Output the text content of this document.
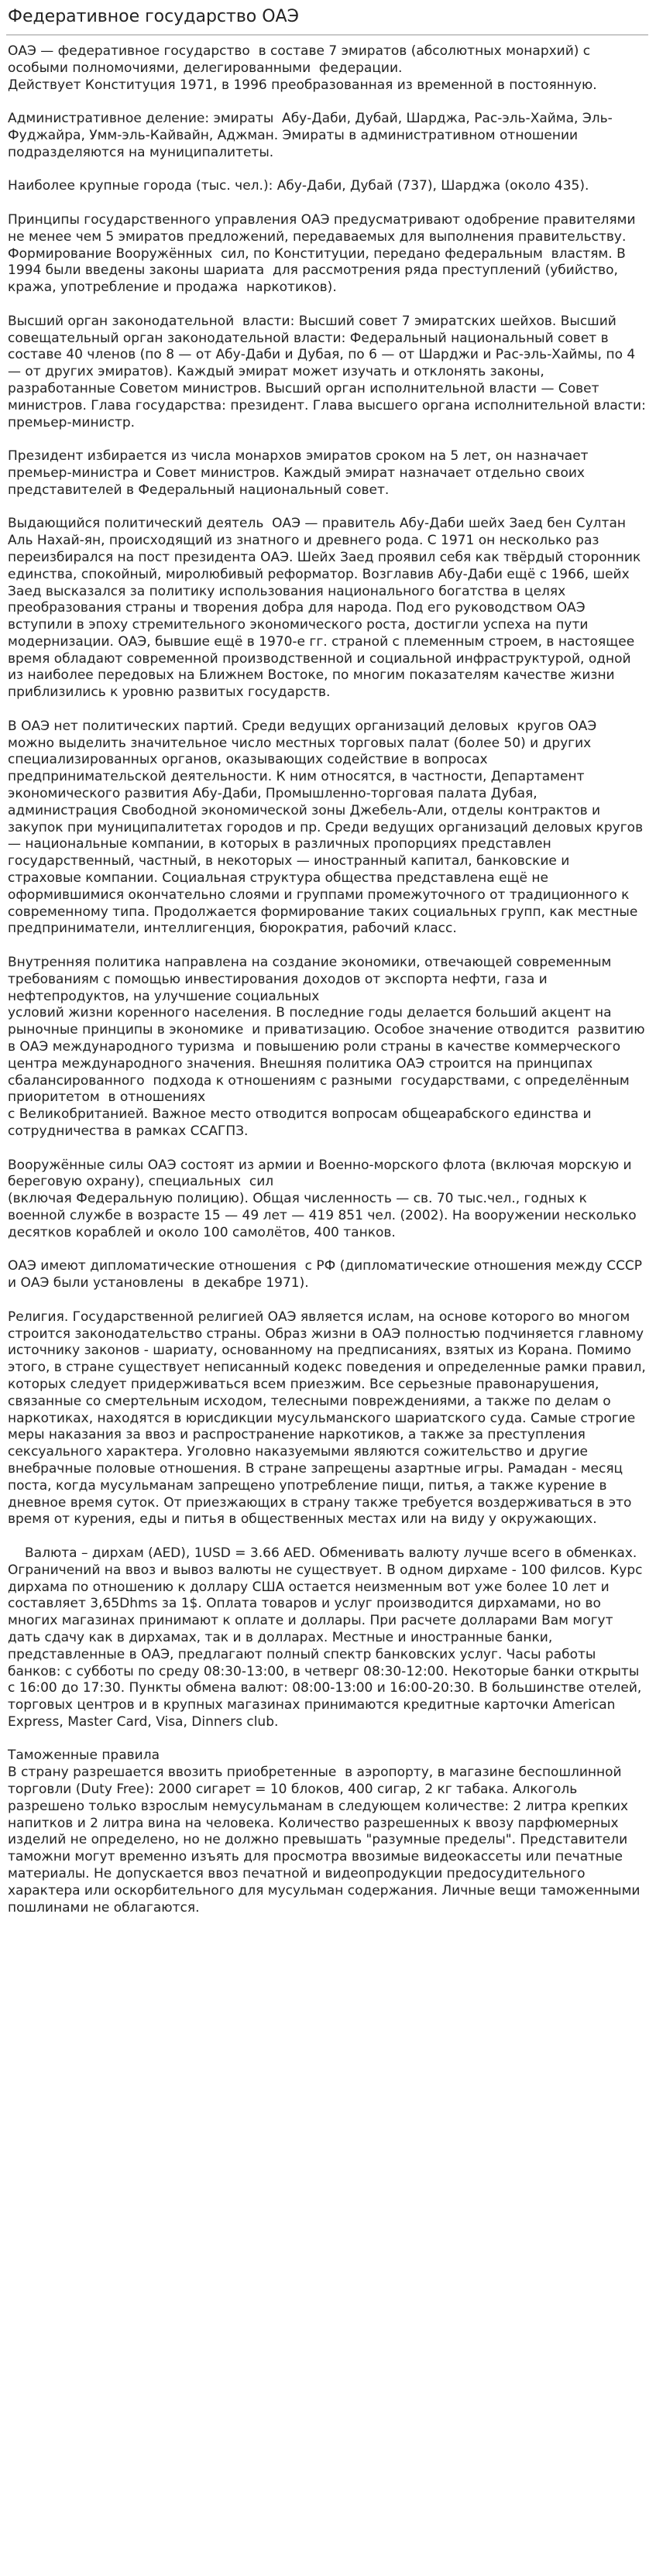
Федеративное государство ОАЭ

ОАЭ — федеративное государство  в составе 7 эмиратов (абсолютных монархий) с особыми полномочиями, делегированными  федерации.
Действует Конституция 1971, в 1996 преобразованная из временной в постоянную.

Административное деление: эмираты  Абу-Даби, Дубай, Шарджа, Рас-эль-Хайма, Эль-Фуджайра, Умм-эль-Кайвайн, Аджман. Эмираты в административном отношении подразделяются на муниципалитеты.

Наиболее крупные города (тыс. чел.): Абу-Даби, Дубай (737), Шарджа (около 435).

Принципы государственного управления ОАЭ предусматривают одобрение правителями не менее чем 5 эмиратов предложений, передаваемых для выполнения правительству. Формирование Вооружённых  сил, по Конституции, передано федеральным  властям. В 1994 были введены законы шариата  для рассмотрения ряда преступлений (убийство, кража, употребление и продажа  наркотиков).

Высший орган законодательной  власти: Высший совет 7 эмиратских шейхов. Высший совещательный орган законодательной власти: Федеральный национальный совет в составе 40 членов (по 8 — от Абу-Даби и Дубая, по 6 — от Шарджи и Рас-эль-Хаймы, по 4 — от других эмиратов). Каждый эмират может изучать и отклонять законы, разработанные Советом министров. Высший орган исполнительной власти — Совет министров. Глава государства: президент. Глава высшего органа исполнительной власти: премьер-министр.

Президент избирается из числа монархов эмиратов сроком на 5 лет, он назначает  премьер-министра и Совет министров. Каждый эмират назначает отдельно своих  представителей в Федеральный национальный совет.

Выдающийся политический деятель  ОАЭ — правитель Абу-Даби шейх Заед бен Султан Аль Нахай-ян, происходящий из знатного и древнего рода. С 1971 он несколько раз переизбирался на пост президента ОАЭ. Шейх Заед проявил себя как твёрдый сторонник единства, спокойный, миролюбивый реформатор. Возглавив Абу-Даби ещё с 1966, шейх Заед высказался за политику использования национального богатства в целях преобразования страны и творения добра для народа. Под его руководством ОАЭ вступили в эпоху стремительного экономического роста, достигли успеха на пути модернизации. ОАЭ, бывшие ещё в 1970-е гг. страной с племенным строем, в настоящее время обладают современной производственной и социальной инфраструктурой, одной из наиболее передовых на Ближнем Востоке, по многим показателям качестве жизни приблизились к уровню развитых государств.

В ОАЭ нет политических партий. Среди ведущих организаций деловых  кругов ОАЭ можно выделить значительное число местных торговых палат (более 50) и других специализированных органов, оказывающих содействие в вопросах предпринимательской деятельности. К ним относятся, в частности, Департамент экономического развития Абу-Даби, Промышленно-торговая палата Дубая, администрация Свободной экономической зоны Джебель-Али, отделы контрактов и закупок при муниципалитетах городов и пр. Среди ведущих организаций деловых кругов — национальные компании, в которых в различных пропорциях представлен государственный, частный, в некоторых — иностранный капитал, банковские и страховые компании. Социальная структура общества представлена ещё не оформившимися окончательно слоями и группами промежуточного от традиционного к современному типа. Продолжается формирование таких социальных групп, как местные предприниматели, интеллигенция, бюрократия, рабочий класс.

Внутренняя политика направлена на создание экономики, отвечающей современным  требованиям с помощью инвестирования доходов от экспорта нефти, газа и  нефтепродуктов, на улучшение социальных
условий жизни коренного населения. В последние годы делается больший акцент на рыночные принципы в экономике  и приватизацию. Особое значение отводится  развитию в ОАЭ международного туризма  и повышению роли страны в качестве коммерческого центра международного значения. Внешняя политика ОАЭ строится на принципах сбалансированного  подхода к отношениям с разными  государствами, с определённым приоритетом  в отношениях
с Великобританией. Важное место отводится вопросам общеарабского единства и сотрудничества в рамках ССАГПЗ.

Вооружённые силы ОАЭ состоят из армии и Военно-морского флота (включая морскую и береговую охрану), специальных  сил
(включая Федеральную полицию). Общая численность — св. 70 тыс.чел., годных к военной службе в возрасте 15 — 49 лет — 419 851 чел. (2002). На вооружении несколько десятков кораблей и около 100 самолётов, 400 танков.

ОАЭ имеют дипломатические отношения  с РФ (дипломатические отношения между СССР и ОАЭ были установлены  в декабре 1971).

Религия. Государственной религией ОАЭ является ислам, на основе которого во многом строится законодательство страны. Образ жизни в ОАЭ полностью подчиняется главному источнику законов - шариату, основанному на предписаниях, взятых из Корана. Помимо этого, в стране существует неписанный кодекс поведения и определенные рамки правил, которых следует придерживаться всем приезжим. Все серьезные правонарушения, связанные со смертельным исходом, телесными повреждениями, а также по делам о наркотиках, находятся в юрисдикции мусульманского шариатского суда. Самые строгие меры наказания за ввоз и распространение наркотиков, а также за преступления сексуального характера. Уголовно наказуемыми являются сожительство и другие внебрачные половые отношения. В стране запрещены азартные игры. Рамадан - месяц поста, когда мусульманам запрещено употребление пищи, питья, а также курение в дневное время суток. От приезжающих в страну также требуется воздерживаться в это время от курения, еды и питья в общественных местах или на виду у окружающих.

Валюта – дирхам (AED), 1USD = 3.66 AED. Обменивать валюту лучше всего в обменках. Ограничений на ввоз и вывоз валюты не существует. В одном дирхаме - 100 филсов. Курс дирхама по отношению к доллару США остается неизменным вот уже более 10 лет и составляет 3,65Dhms за 1$. Оплата товаров и услуг производится дирхамами, но во многих магазинах принимают к оплате и доллары. При расчете долларами Вам могут дать сдачу как в дирхамах, так и в долларах. Местные и иностранные банки, представленные в ОАЭ, предлагают полный спектр банковских услуг. Часы работы банков: с субботы по среду 08:30-13:00, в четверг 08:30-12:00. Некоторые банки открыты с 16:00 до 17:30. Пункты обмена валют: 08:00-13:00 и 16:00-20:30. В большинстве отелей, торговых центров и в крупных магазинах принимаются кредитные карточки American Express, Master Card, Visa, Dinners club.

Таможенные правила

В страну разрешается ввозить приобретенные  в аэропорту, в магазине беспошлинной торговли (Duty Free): 2000 сигарет = 10 блоков, 400 сигар, 2 кг табака. Алкоголь разрешено только взрослым немусульманам в следующем количестве: 2 литра крепких напитков и 2 литра вина на человека. Количество разрешенных к ввозу парфюмерных изделий не определено, но не должно превышать "разумные пределы". Представители таможни могут временно изъять для просмотра ввозимые видеокассеты или печатные материалы. Не допускается ввоз печатной и видеопродукции предосудительного характера или оскорбительного для мусульман содержания. Личные вещи таможенными пошлинами не облагаются.
